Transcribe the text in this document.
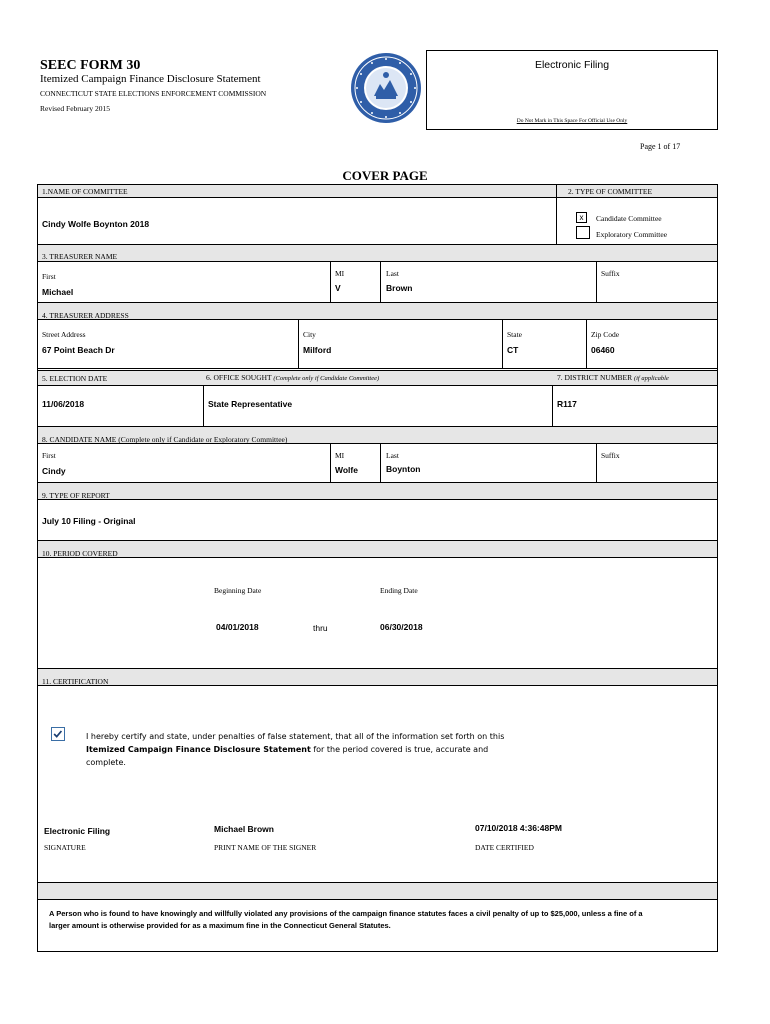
SEEC FORM 30
Itemized Campaign Finance Disclosure Statement
CONNECTICUT STATE ELECTIONS ENFORCEMENT COMMISSION
Revised February 2015
Electronic Filing
Do Not Mark in This Space For Official Use Only
Page 1 of 17
COVER PAGE
1.NAME OF COMMITTEE	2. TYPE OF COMMITTEE
Cindy Wolfe Boynton 2018
x	Candidate Committee
Exploratory Committee
3. TREASURER NAME
First
Michael
MI
V
Last
Brown
Suffix
4. TREASURER ADDRESS
Street Address
67 Point Beach Dr
City
Milford
State
CT
Zip Code
06460
5. ELECTION DATE	6. OFFICE SOUGHT (Complete only if Candidate Committee)	7. DISTRICT NUMBER (if applicable
11/06/2018	State Representative	R117
8. CANDIDATE NAME (Complete only if Candidate or Exploratory Committee)
First
Cindy
MI
Wolfe
Last
Boynton
Suffix
9. TYPE OF REPORT
July 10 Filing - Original
10. PERIOD COVERED
Beginning Date	Ending Date
04/01/2018	thru	06/30/2018
11. CERTIFICATION
I hereby certify and state, under penalties of false statement, that all of the information set forth on this Itemized Campaign Finance Disclosure Statement for the period covered is true, accurate and complete.
Electronic Filing
SIGNATURE
Michael Brown
PRINT NAME OF THE SIGNER
07/10/2018 4:36:48PM
DATE CERTIFIED
A Person who is found to have knowingly and willfully violated any provisions of the campaign finance statutes faces a civil penalty of up to $25,000, unless a fine of a larger amount is otherwise provided for as a maximum fine in the Connecticut General Statutes.
